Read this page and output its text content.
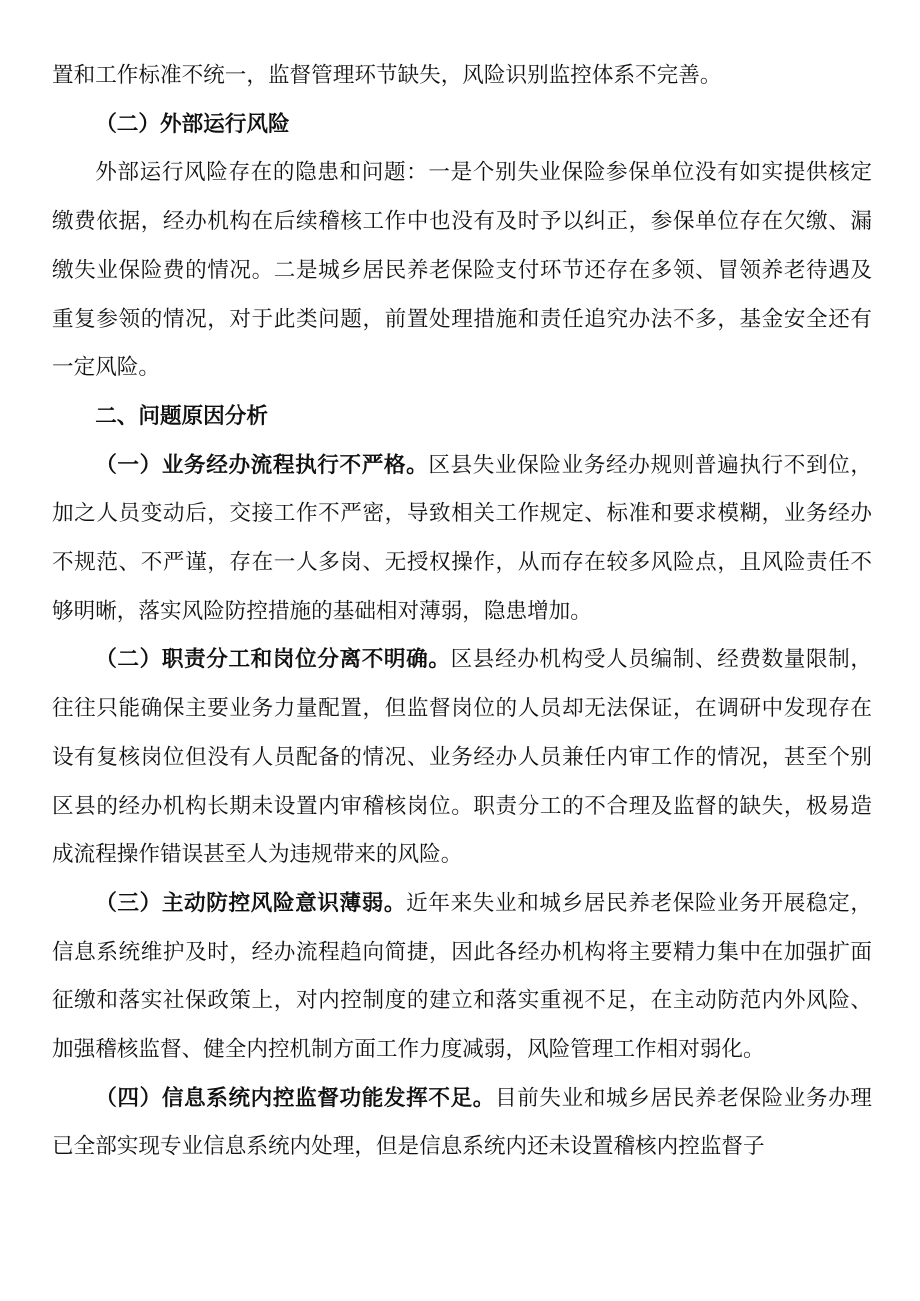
置和工作标准不统一，监督管理环节缺失，风险识别监控体系不完善。

（二）外部运行风险

外部运行风险存在的隐患和问题：一是个别失业保险参保单位没有如实提供核定缴费依据，经办机构在后续稽核工作中也没有及时予以纠正，参保单位存在欠缴、漏缴失业保险费的情况。二是城乡居民养老保险支付环节还存在多领、冒领养老待遇及重复参领的情况，对于此类问题，前置处理措施和责任追究办法不多，基金安全还有一定风险。

二、问题原因分析

（一）业务经办流程执行不严格。区县失业保险业务经办规则普遍执行不到位，加之人员变动后，交接工作不严密，导致相关工作规定、标准和要求模糊，业务经办不规范、不严谨，存在一人多岗、无授权操作，从而存在较多风险点，且风险责任不够明晰，落实风险防控措施的基础相对薄弱，隐患增加。

（二）职责分工和岗位分离不明确。区县经办机构受人员编制、经费数量限制，往往只能确保主要业务力量配置，但监督岗位的人员却无法保证，在调研中发现存在设有复核岗位但没有人员配备的情况、业务经办人员兼任内审工作的情况，甚至个别区县的经办机构长期未设置内审稽核岗位。职责分工的不合理及监督的缺失，极易造成流程操作错误甚至人为违规带来的风险。

（三）主动防控风险意识薄弱。近年来失业和城乡居民养老保险业务开展稳定，信息系统维护及时，经办流程趋向简捷，因此各经办机构将主要精力集中在加强扩面征缴和落实社保政策上，对内控制度的建立和落实重视不足，在主动防范内外风险、加强稽核监督、健全内控机制方面工作力度减弱，风险管理工作相对弱化。

（四）信息系统内控监督功能发挥不足。目前失业和城乡居民养老保险业务办理已全部实现专业信息系统内处理，但是信息系统内还未设置稽核内控监督子
